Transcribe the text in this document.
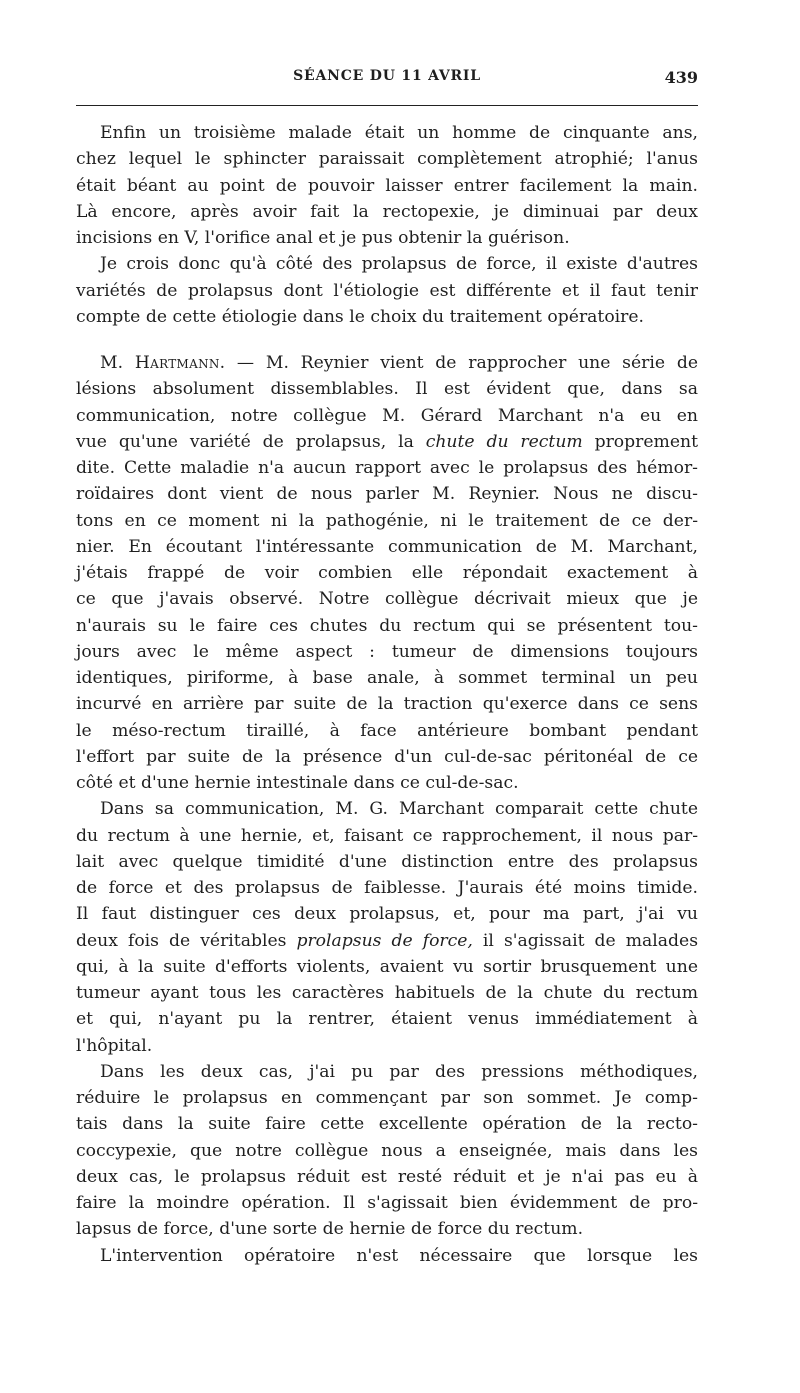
SÉANCE DU 11 AVRIL	439
Enfin un troisième malade était un homme de cinquante ans,
chez lequel le sphincter paraissait complètement atrophié; l'anus
était béant au point de pouvoir laisser entrer facilement la main.
Là encore, après avoir fait la rectopexie, je diminuai par deux
incisions en V, l'orifice anal et je pus obtenir la guérison.
Je crois donc qu'à côté des prolapsus de force, il existe d'autres
variétés de prolapsus dont l'étiologie est différente et il faut tenir
compte de cette étiologie dans le choix du traitement opératoire.
M. Hartmann. — M. Reynier vient de rapprocher une série de
lésions absolument dissemblables. Il est évident que, dans sa
communication, notre collègue M. Gérard Marchant n'a eu en
vue qu'une variété de prolapsus, la chute du rectum proprement
dite. Cette maladie n'a aucun rapport avec le prolapsus des hémor-
roïdaires dont vient de nous parler M. Reynier. Nous ne discu-
tons en ce moment ni la pathogénie, ni le traitement de ce der-
nier. En écoutant l'intéressante communication de M. Marchant,
j'étais frappé de voir combien elle répondait exactement à
ce que j'avais observé. Notre collègue décrivait mieux que je
n'aurais su le faire ces chutes du rectum qui se présentent tou-
jours avec le même aspect : tumeur de dimensions toujours
identiques, piriforme, à base anale, à sommet terminal un peu
incurvé en arrière par suite de la traction qu'exerce dans ce sens
le méso-rectum tiraillé, à face antérieure bombant pendant
l'effort par suite de la présence d'un cul-de-sac péritonéal de ce
côté et d'une hernie intestinale dans ce cul-de-sac.
Dans sa communication, M. G. Marchant comparait cette chute
du rectum à une hernie, et, faisant ce rapprochement, il nous par-
lait avec quelque timidité d'une distinction entre des prolapsus
de force et des prolapsus de faiblesse. J'aurais été moins timide.
Il faut distinguer ces deux prolapsus, et, pour ma part, j'ai vu
deux fois de véritables prolapsus de force, il s'agissait de malades
qui, à la suite d'efforts violents, avaient vu sortir brusquement une
tumeur ayant tous les caractères habituels de la chute du rectum
et qui, n'ayant pu la rentrer, étaient venus immédiatement à
l'hôpital.
Dans les deux cas, j'ai pu par des pressions méthodiques,
réduire le prolapsus en commençant par son sommet. Je comp-
tais dans la suite faire cette excellente opération de la recto-
coccypexie, que notre collègue nous a enseignée, mais dans les
deux cas, le prolapsus réduit est resté réduit et je n'ai pas eu à
faire la moindre opération. Il s'agissait bien évidemment de pro-
lapsus de force, d'une sorte de hernie de force du rectum.
L'intervention opératoire n'est nécessaire que lorsque les
